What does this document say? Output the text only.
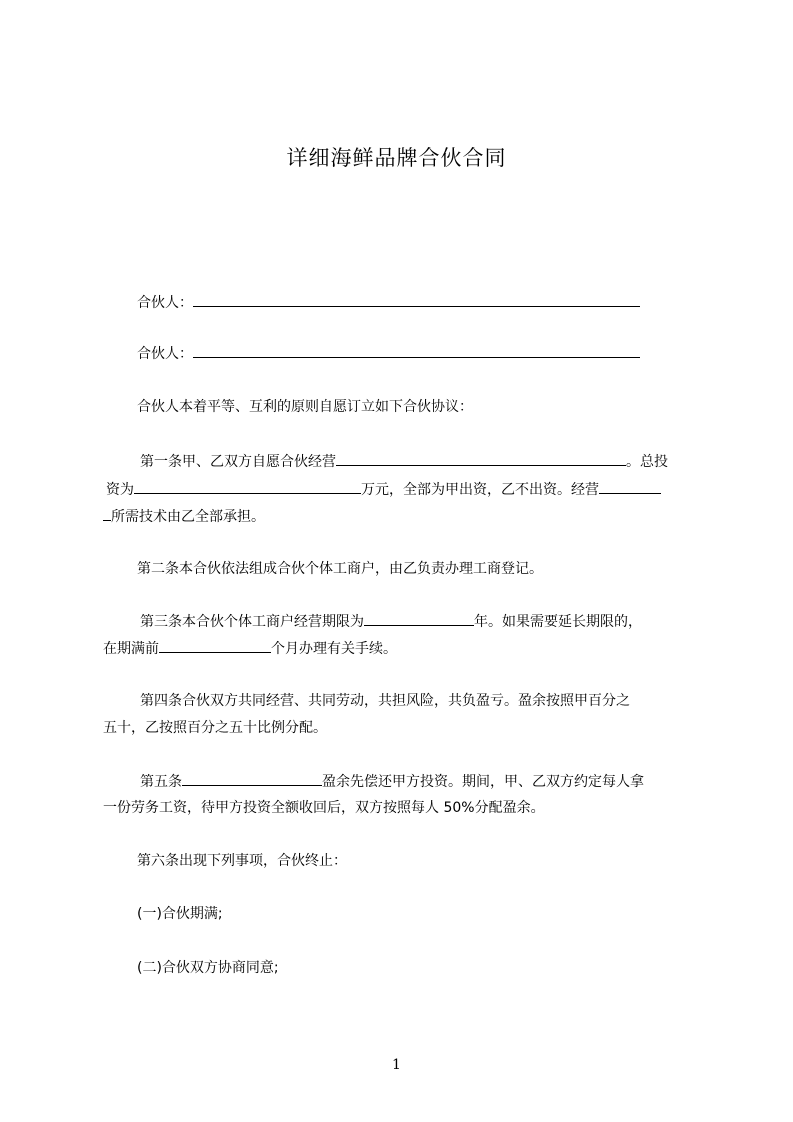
详细海鲜品牌合伙合同
合伙人：
合伙人：
合伙人本着平等、互利的原则自愿订立如下合伙协议：
第一条甲、乙双方自愿合伙经营	。总投
资为	万元，全部为甲出资，乙不出资。经营
所需技术由乙全部承担。
第二条本合伙依法组成合伙个体工商户，由乙负责办理工商登记。
第三条本合伙个体工商户经营期限为	年。如果需要延长期限的，
在期满前	个月办理有关手续。
第四条合伙双方共同经营、共同劳动，共担风险，共负盈亏。盈余按照甲百分之
五十，乙按照百分之五十比例分配。
第五条	盈余先偿还甲方投资。期间，甲、乙双方约定每人拿
一份劳务工资，待甲方投资全额收回后，双方按照每人 50%分配盈余。
第六条出现下列事项，合伙终止：
(一)合伙期满;
(二)合伙双方协商同意;
1
